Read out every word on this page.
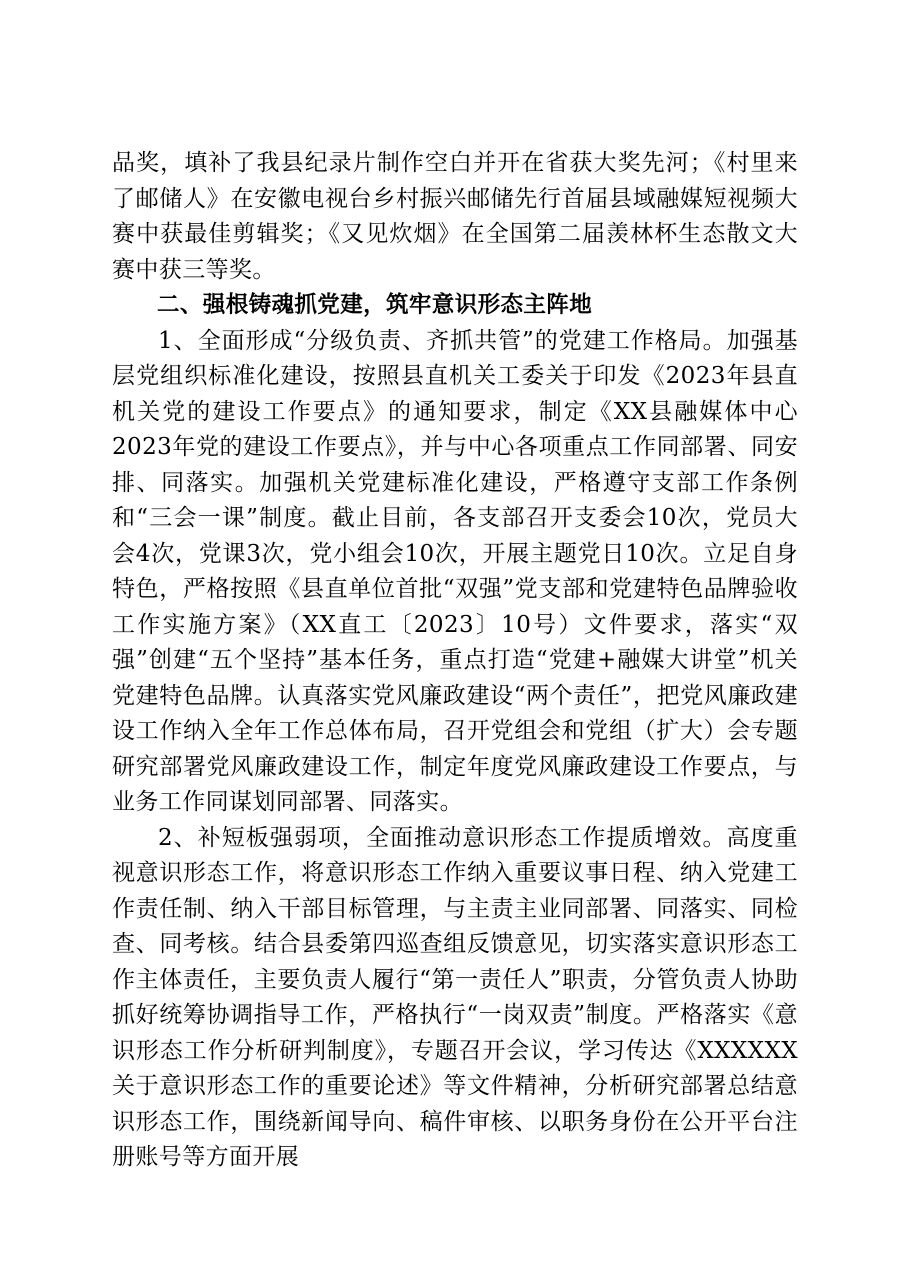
品奖，填补了我县纪录片制作空白并开在省获大奖先河；《村里来了邮储人》在安徽电视台乡村振兴邮储先行首届县域融媒短视频大赛中获最佳剪辑奖；《又见炊烟》在全国第二届羡林杯生态散文大赛中获三等奖。

二、强根铸魂抓党建，筑牢意识形态主阵地

1、全面形成“分级负责、齐抓共管”的党建工作格局。加强基层党组织标准化建设，按照县直机关工委关于印发《2023年县直机关党的建设工作要点》的通知要求，制定《XX县融媒体中心2023年党的建设工作要点》，并与中心各项重点工作同部署、同安排、同落实。加强机关党建标准化建设，严格遵守支部工作条例和“三会一课”制度。截止目前，各支部召开支委会10次，党员大会4次，党课3次，党小组会10次，开展主题党日10次。立足自身特色，严格按照《县直单位首批“双强”党支部和党建特色品牌验收工作实施方案》（XX直工〔2023〕10号）文件要求，落实“双强”创建“五个坚持”基本任务，重点打造“党建+融媒大讲堂”机关党建特色品牌。认真落实党风廉政建设“两个责任”，把党风廉政建设工作纳入全年工作总体布局，召开党组会和党组（扩大）会专题研究部署党风廉政建设工作，制定年度党风廉政建设工作要点，与业务工作同谋划同部署、同落实。

2、补短板强弱项，全面推动意识形态工作提质增效。高度重视意识形态工作，将意识形态工作纳入重要议事日程、纳入党建工作责任制、纳入干部目标管理，与主责主业同部署、同落实、同检查、同考核。结合县委第四巡查组反馈意见，切实落实意识形态工作主体责任，主要负责人履行“第一责任人”职责，分管负责人协助抓好统筹协调指导工作，严格执行“一岗双责”制度。严格落实《意识形态工作分析研判制度》，专题召开会议，学习传达《XXXXXX关于意识形态工作的重要论述》等文件精神，分析研究部署总结意识形态工作，围绕新闻导向、稿件审核、以职务身份在公开平台注册账号等方面开展
